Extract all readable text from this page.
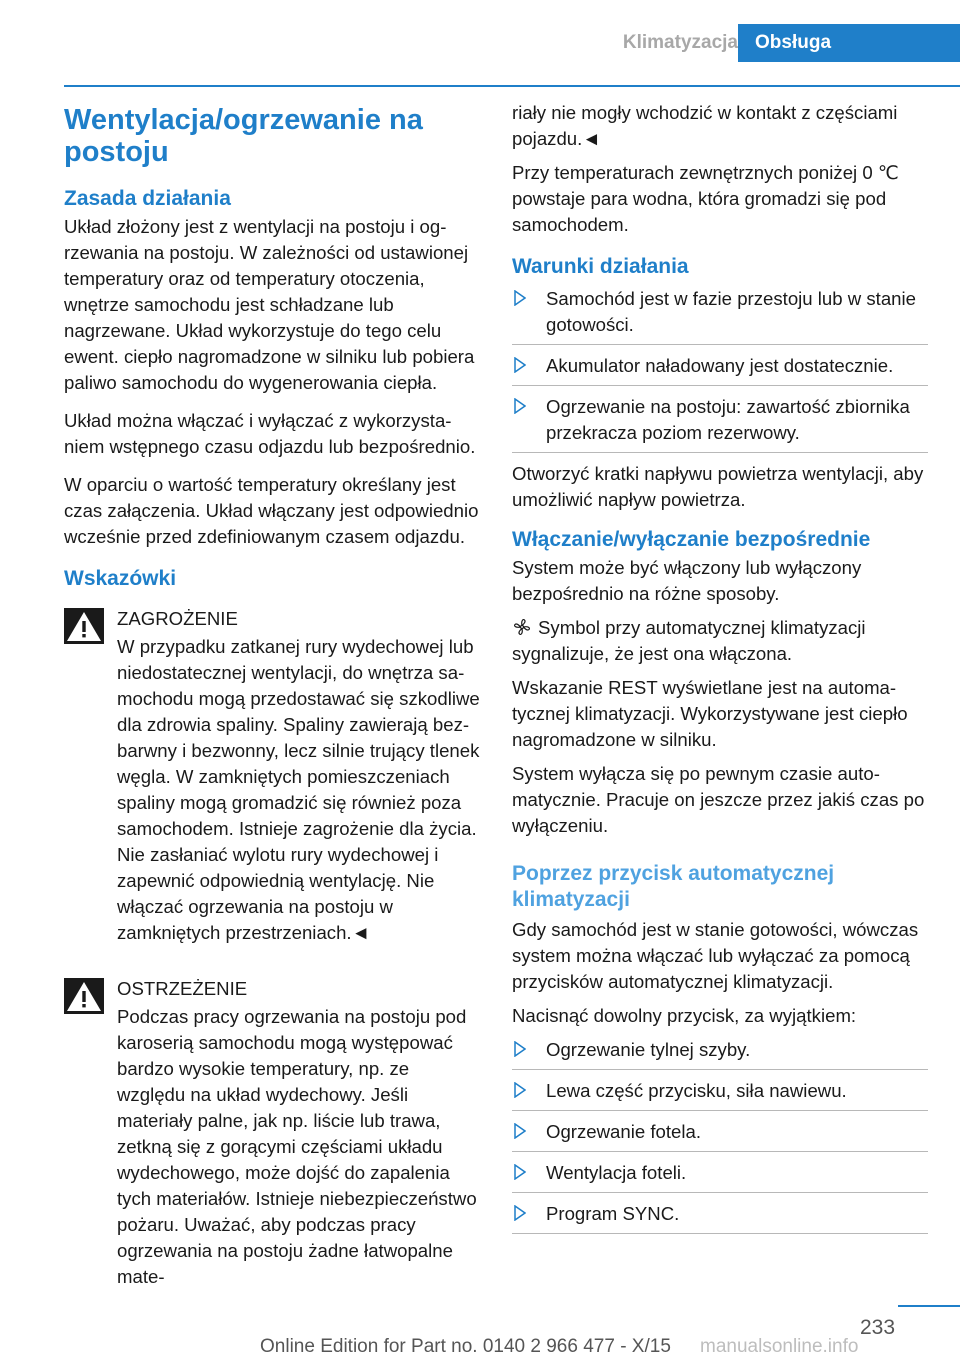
Klimatyzacja Obsługa
Wentylacja/ogrzewanie na postoju
Zasada działania

Układ złożony jest z wentylacji na postoju i ogrzewania na postoju. W zależności od ustawionej temperatury oraz od temperatury otoczenia, wnętrze samochodu jest schładzane lub nagrzewane. Układ wykorzystuje do tego celu ewent. ciepło nagromadzone w silniku lub pobiera paliwo samochodu do wygenerowania ciepła.

Układ można włączać i wyłączać z wykorzystaniem wstępnego czasu odjazdu lub bezpośrednio.

W oparciu o wartość temperatury określany jest czas załączenia. Układ włączany jest odpowiednio wcześnie przed zdefiniowanym czasem odjazdu.

Wskazówki
ZAGROŻENIE
W przypadku zatkanej rury wydechowej lub niedostatecznej wentylacji, do wnętrza samochodu mogą przedostawać się szkodliwe dla zdrowia spaliny. Spaliny zawierają bezbarwny i bezwonny, lecz silnie trujący tlenek węgla. W zamkniętych pomieszczeniach spaliny mogą gromadzić się również poza samochodem. Istnieje zagrożenie dla życia. Nie zasłaniać wylotu rury wydechowej i zapewnić odpowiednią wentylację. Nie włączać ogrzewania na postoju w zamkniętych przestrzeniach.◄
OSTRZEŻENIE
Podczas pracy ogrzewania na postoju pod karoserią samochodu mogą występować bardzo wysokie temperatury, np. ze względu na układ wydechowy. Jeśli materiały palne, jak np. liście lub trawa, zetkną się z gorącymi częściami układu wydechowego, może dojść do zapalenia tych materiałów. Istnieje niebezpieczeństwo pożaru. Uważać, aby podczas pracy ogrzewania na postoju żadne łatwopalne mate-

riały nie mogły wchodzić w kontakt z częściami pojazdu.◄

Przy temperaturach zewnętrznych poniżej 0 ℃ powstaje para wodna, która gromadzi się pod samochodem.

Warunki działania
Samochód jest w fazie przestoju lub w stanie gotowości.
Akumulator naładowany jest dostatecznie.
Ogrzewanie na postoju: zawartość zbiornika przekracza poziom rezerwowy.

Otworzyć kratki napływu powietrza wentylacji, aby umożliwić napływ powietrza.

Włączanie/wyłączanie bezpośrednie

System może być włączony lub wyłączony bezpośrednio na różne sposoby.

Symbol przy automatycznej klimatyzacji sygnalizuje, że jest ona włączona.

Wskazanie REST wyświetlane jest na automatycznej klimatyzacji. Wykorzystywane jest ciepło nagromadzone w silniku.

System wyłącza się po pewnym czasie automatycznie. Pracuje on jeszcze przez jakiś czas po wyłączeniu.

Poprzez przycisk automatycznej klimatyzacji

Gdy samochód jest w stanie gotowości, wówczas system można włączać lub wyłączać za pomocą przycisków automatycznej klimatyzacji.

Nacisnąć dowolny przycisk, za wyjątkiem:

Ogrzewanie tylnej szyby.
Lewa część przycisku, siła nawiewu.
Ogrzewanie fotela.
Wentylacja foteli.
Program SYNC.
233
Online Edition for Part no. 0140 2 966 477 - X/15 manualsonline.info
